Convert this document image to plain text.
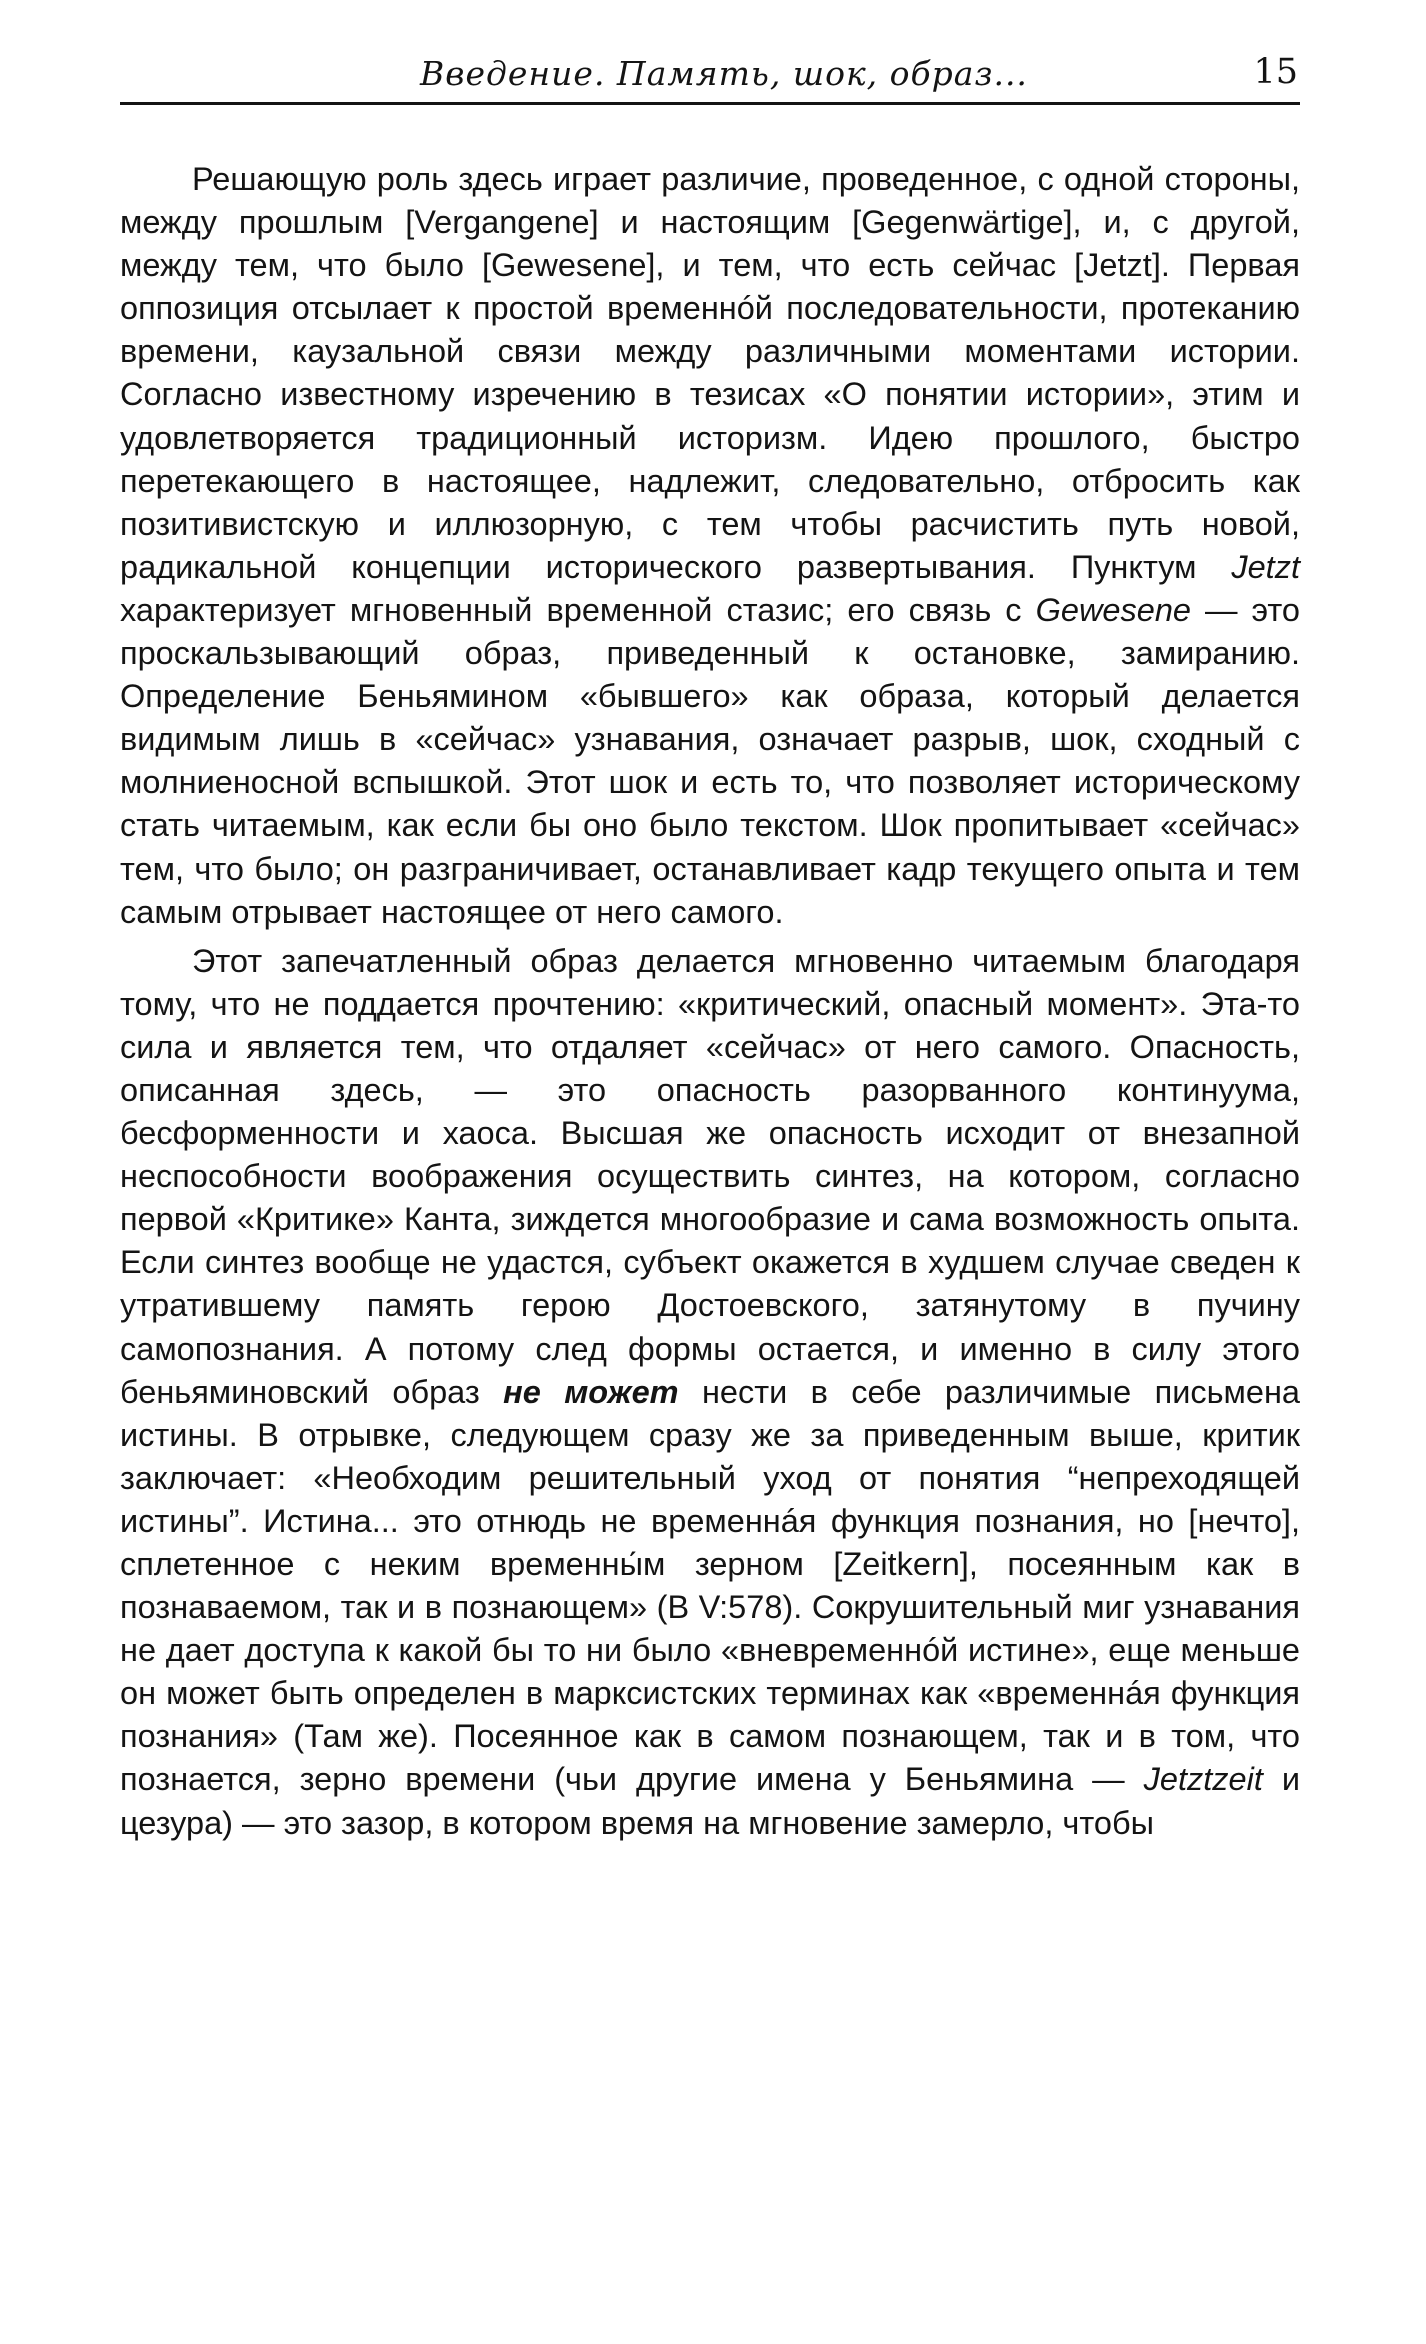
Введение. Память, шок, образ...	15

Решающую роль здесь играет различие, проведенное, с одной стороны, между прошлым [Vergangene] и настоящим [Gegenwärtige], и, с другой, между тем, что было [Gewesene], и тем, что есть сейчас [Jetzt]. Первая оппозиция отсылает к простой временнóй последовательности, протеканию времени, каузальной связи между различными моментами истории. Согласно известному изречению в тезисах «О понятии истории», этим и удовлетворяется традиционный историзм. Идею прошлого, быстро перетекающего в настоящее, надлежит, следовательно, отбросить как позитивистскую и иллюзорную, с тем чтобы расчистить путь новой, радикальной концепции исторического развертывания. Пунктум Jetzt характеризует мгновенный временной стазис; его связь с Gewesene — это проскальзывающий образ, приведенный к остановке, замиранию. Определение Беньямином «бывшего» как образа, который делается видимым лишь в «сейчас» узнавания, означает разрыв, шок, сходный с молниеносной вспышкой. Этот шок и есть то, что позволяет историческому стать читаемым, как если бы оно было текстом. Шок пропитывает «сейчас» тем, что было; он разграничивает, останавливает кадр текущего опыта и тем самым отрывает настоящее от него самого.

Этот запечатленный образ делается мгновенно читаемым благодаря тому, что не поддается прочтению: «критический, опасный момент». Эта-то сила и является тем, что отдаляет «сейчас» от него самого. Опасность, описанная здесь, — это опасность разорванного континуума, бесформенности и хаоса. Высшая же опасность исходит от внезапной неспособности воображения осуществить синтез, на котором, согласно первой «Критике» Канта, зиждется многообразие и сама возможность опыта. Если синтез вообще не удастся, субъект окажется в худшем случае сведен к утратившему память герою Достоевского, затянутому в пучину самопознания. А потому след формы остается, и именно в силу этого беньяминовский образ не может нести в себе различимые письмена истины. В отрывке, следующем сразу же за приведенным выше, критик заключает: «Необходим решительный уход от понятия “непреходящей истины”. Истина... это отнюдь не временнáя функция познания, но [нечто], сплетенное с неким временны́м зерном [Zeitkern], посеянным как в познаваемом, так и в познающем» (В V:578). Сокрушительный миг узнавания не дает доступа к какой бы то ни было «вневременнóй истине», еще меньше он может быть определен в марксистских терминах как «временнáя функция познания» (Там же). Посеянное как в самом познающем, так и в том, что познается, зерно времени (чьи другие имена у Беньямина — Jetztzeit и цезура) — это зазор, в котором время на мгновение замерло, чтобы
